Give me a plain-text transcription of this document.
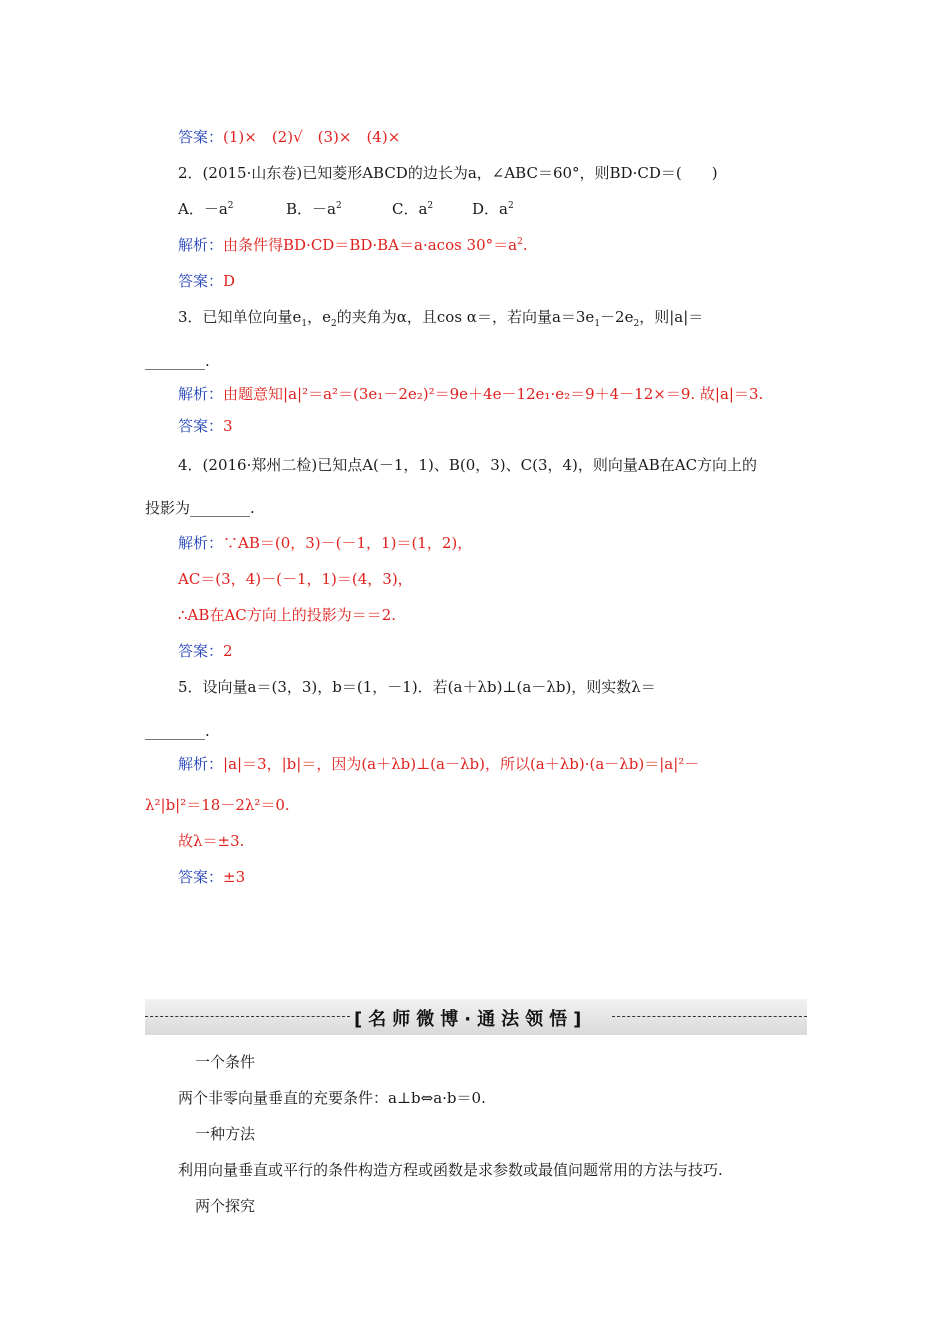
答案：(1)×　(2)√　(3)×　(4)×
2．(2015·山东卷)已知菱形ABCD的边长为a，∠ABC＝60°，则BD·CD＝(　　)
A．$-a^2$	B．$-a^2$	C．$a^2$	D．$a^2$
解析：由条件得BD·CD＝BD·BA＝a·acos $30^\circ=a^2$.
答案：D
3．已知单位向量$e_1$，$e_2$的夹角为α，且cos α＝，若向量$a=3e_1-2e_2$，则|a|＝
________.
解析：由题意知|a|²＝a²＝(3e₁－2e₂)²＝9e＋4e－12e₁·e₂＝9＋4－12×＝9. 故|a|＝3.
答案：3
4．(2016·郑州二检)已知点A(－1，1)、B(0，3)、C(3，4)，则向量AB在AC方向上的
投影为________.
解析：∵AB＝(0，3)－(－1，1)＝(1，2)，
AC＝(3，4)－(－1，1)＝(4，3)，
∴AB在AC方向上的投影为＝＝2.
答案：2
5．设向量a＝(3，3)，b＝(1，－1)．若(a＋λb)⊥(a－λb)，则实数λ＝
________.
解析：|a|＝3，|b|＝，因为(a＋λb)⊥(a－λb)，所以(a＋λb)·(a－λb)＝|a|²－
λ²|b|²＝18－2λ²＝0.
故λ＝±3.
答案：±3
[名师微博·通法领悟]
一个条件
两个非零向量垂直的充要条件：a⊥b⇔a·b＝0.
一种方法
利用向量垂直或平行的条件构造方程或函数是求参数或最值问题常用的方法与技巧.
两个探究
